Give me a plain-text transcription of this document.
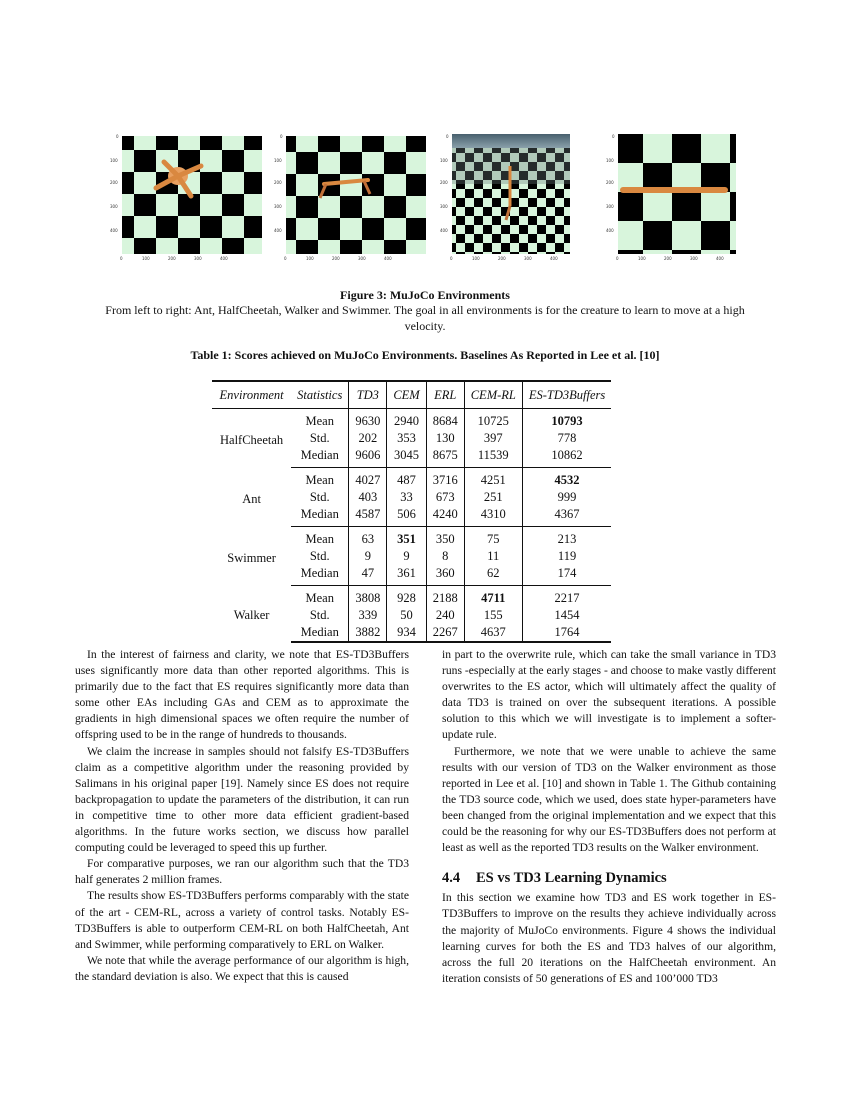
0
100
200
300
400
0	100	200	300	400
0
100
200
300
400
0	100	200	300	400
0
100
200
300
400
0	100	200	300	400
0
100
200
300
400
0	100	200	300	400
Figure 3: MuJoCo Environments
From left to right: Ant, HalfCheetah, Walker and Swimmer. The goal in all environments is for the creature to learn to move at a high velocity.
Table 1: Scores achieved on MuJoCo Environments. Baselines As Reported in Lee et al. [10]
Environment	Statistics	TD3	CEM	ERL	CEM-RL	ES-TD3Buffers
HalfCheetah	Mean	9630	2940	8684	10725	10793
	Std.	202	353	130	397	778
	Median	9606	3045	8675	11539	10862
Ant	Mean	4027	487	3716	4251	4532
	Std.	403	33	673	251	999
	Median	4587	506	4240	4310	4367
Swimmer	Mean	63	351	350	75	213
	Std.	9	9	8	11	119
	Median	47	361	360	62	174
Walker	Mean	3808	928	2188	4711	2217
	Std.	339	50	240	155	1454
	Median	3882	934	2267	4637	1764

In the interest of fairness and clarity, we note that ES-TD3Buffers uses significantly more data than other reported algorithms. This is primarily due to the fact that ES requires significantly more data than some other EAs including GAs and CEM as to approximate the gradients in high dimensional spaces we often require the number of offspring used to be in the range of hundreds to thousands.

We claim the increase in samples should not falsify ES-TD3Buffers claim as a competitive algorithm under the reasoning provided by Salimans in his original paper [19]. Namely since ES does not require backpropagation to update the parameters of the distribution, it can run in competitive time to other more data efficient gradient-based algorithms. In the future works section, we discuss how parallel computing could be leveraged to speed this up further.

For comparative purposes, we ran our algorithm such that the TD3 half generates 2 million frames.

The results show ES-TD3Buffers performs comparably with the state of the art - CEM-RL, across a variety of control tasks. Notably ES-TD3Buffers is able to outperform CEM-RL on both HalfCheetah, Ant and Swimmer, while performing comparatively to ERL on Walker.

We note that while the average performance of our algorithm is high, the standard deviation is also. We expect that this is caused

in part to the overwrite rule, which can take the small variance in TD3 runs -especially at the early stages - and choose to make vastly different overwrites to the ES actor, which will ultimately affect the quality of data TD3 is trained on over the subsequent iterations. A possible solution to this which we will investigate is to implement a softer-update rule.

Furthermore, we note that we were unable to achieve the same results with our version of TD3 on the Walker environment as those reported in Lee et al. [10] and shown in Table 1. The Github containing the TD3 source code, which we used, does state hyper-parameters have been changed from the original implementation and we expect that this could be the reasoning for why our ES-TD3Buffers does not perform at least as well as the reported TD3 results on the Walker environment.

4.4 ES vs TD3 Learning Dynamics

In this section we examine how TD3 and ES work together in ES-TD3Buffers to improve on the results they achieve individually across the majority of MuJoCo environments. Figure 4 shows the individual learning curves for both the ES and TD3 halves of our algorithm, across the full 20 iterations on the HalfCheetah environment. An iteration consists of 50 generations of ES and 100’000 TD3
